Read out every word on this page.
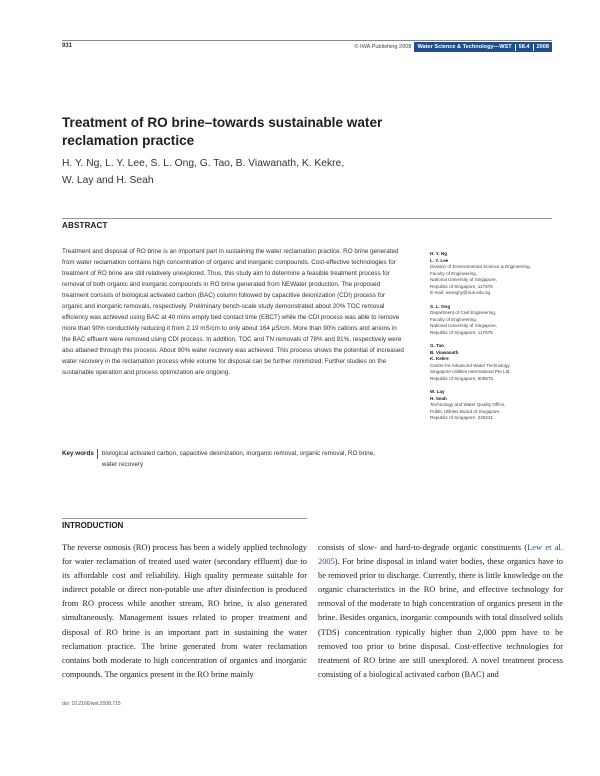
931	© IWA Publishing 2008	Water Science & Technology—WST 58.4 2008
Treatment of RO brine–towards sustainable water reclamation practice
H. Y. Ng, L. Y. Lee, S. L. Ong, G. Tao, B. Viawanath, K. Kekre,
W. Lay and H. Seah
ABSTRACT
Treatment and disposal of RO brine is an important part in sustaining the water reclamation practice. RO brine generated from water reclamation contains high concentration of organic and inorganic compounds. Cost-effective technologies for treatment of RO brine are still relatively unexplored. Thus, this study aim to determine a feasible treatment process for removal of both organic and inorganic compounds in RO brine generated from NEWater production. The proposed treatment consists of biological activated carbon (BAC) column followed by capacitive deionization (CDI) process for organic and inorganic removals, respectively. Preliminary bench-scale study demonstrated about 20% TOC removal efficiency was achieved using BAC at 40 mins empty bed contact time (EBCT) while the CDI process was able to remove more than 90% conductivity reducing it from 2.19 mS/cm to only about 164 μS/cm. More than 90% cations and anions in the BAC effluent were removed using CDI process. In addition, TOC and TN removals of 78% and 91%, respectively were also attained through this process. About 90% water recovery was achieved. This process shows the potential of increased water recovery in the reclamation process while volume for disposal can be further minimized. Further studies on the sustainable operation and process optimization are ongoing.
Key words	biological activated carbon, capacitive deionization, inorganic removal, organic removal, RO brine, water recovery
H. Y. Ng
L. Y. Lee
Division of Environmental Science & Engineering,
Faculty of Engineering,
National University of Singapore,
Republic of Singapore, 117576
E-mail: esenghy@nus.edu.sg
S. L. Ong
Department of Civil Engineering,
Faculty of Engineering,
National University of Singapore,
Republic of Singapore, 117576
G. Tao
B. Viawanath
K. Kekre
Centre for Advanced Water Technology,
Singapore Utilities International Pte Ltd,
Republic of Singapore, 608575
W. Lay
H. Seah
Technology and Water Quality Office,
Public Utilities Board of Singapore,
Republic of Singapore, 228231
INTRODUCTION
The reverse osmosis (RO) process has been a widely applied technology for water reclamation of treated used water (secondary effluent) due to its affordable cost and reliability. High quality permeate suitable for indirect potable or direct non-potable use after disinfection is produced from RO process while another stream, RO brine, is also generated simultaneously. Management issues related to proper treatment and disposal of RO brine is an important part in sustaining the water reclamation practice. The brine generated from water reclamation contains both moderate to high concentration of organics and inorganic compounds. The organics present in the RO brine mainly
consists of slow- and hard-to-degrade organic constituents (Lew et al. 2005). For brine disposal in inland water bodies, these organics have to be removed prior to discharge. Currently, there is little knowledge on the organic characteristics in the RO brine, and effective technology for removal of the moderate to high concentration of organics present in the brine. Besides organics, inorganic compounds with total dissolved solids (TDS) concentration typically higher than 2,000 ppm have to be removed too prior to brine disposal. Cost-effective technologies for treatment of RO brine are still unexplored. A novel treatment process consisting of a biological activated carbon (BAC) and
doi: 10.2166/wst.2008.715
